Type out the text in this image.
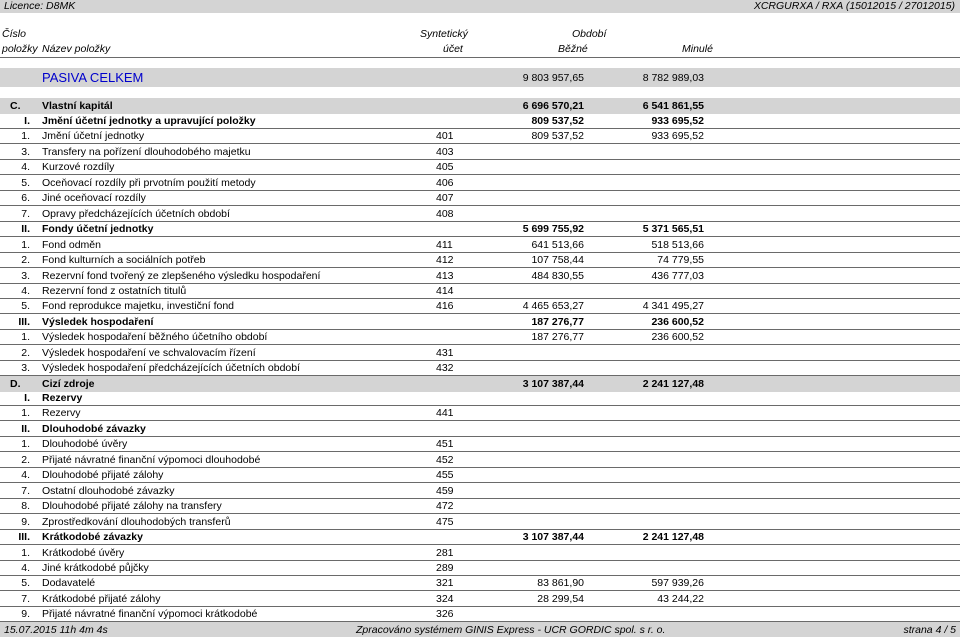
Licence: D8MK	XCRGURXA / RXA (15012015 / 27012015)
Číslo	Syntetický	Období
položky Název položky	účet	Běžné	Minulé
PASIVA CELKEM	9 803 957,65	8 782 989,03
C. Vlastní kapitál	6 696 570,21	6 541 861,55
I. Jmění účetní jednotky a upravující položky	809 537,52	933 695,52
1. Jmění účetní jednotky	401	809 537,52	933 695,52
3. Transfery na pořízení dlouhodobého majetku	403
4. Kurzové rozdíly	405
5. Oceňovací rozdíly při prvotním použití metody	406
6. Jiné oceňovací rozdíly	407
7. Opravy předcházejících účetních období	408
II. Fondy účetní jednotky	5 699 755,92	5 371 565,51
1. Fond odměn	411	641 513,66	518 513,66
2. Fond kulturních a sociálních potřeb	412	107 758,44	74 779,55
3. Rezervní fond tvořený ze zlepšeného výsledku hospodaření	413	484 830,55	436 777,03
4. Rezervní fond z ostatních titulů	414
5. Fond reprodukce majetku, investiční fond	416	4 465 653,27	4 341 495,27
III. Výsledek hospodaření	187 276,77	236 600,52
1. Výsledek hospodaření běžného účetního období	187 276,77	236 600,52
2. Výsledek hospodaření ve schvalovacím řízení	431
3. Výsledek hospodaření předcházejících účetních období	432
D. Cizí zdroje	3 107 387,44	2 241 127,48
I. Rezervy
1. Rezervy	441
II. Dlouhodobé závazky
1. Dlouhodobé úvěry	451
2. Přijaté návratné finanční výpomoci dlouhodobé	452
4. Dlouhodobé přijaté zálohy	455
7. Ostatní dlouhodobé závazky	459
8. Dlouhodobé přijaté zálohy na transfery	472
9. Zprostředkování dlouhodobých transferů	475
III. Krátkodobé závazky	3 107 387,44	2 241 127,48
1. Krátkodobé úvěry	281
4. Jiné krátkodobé půjčky	289
5. Dodavatelé	321	83 861,90	597 939,26
7. Krátkodobé přijaté zálohy	324	28 299,54	43 244,22
9. Přijaté návratné finanční výpomoci krátkodobé	326
15.07.2015 11h 4m 4s	Zpracováno systémem GINIS Express - UCR GORDIC spol. s r. o.	strana 4 / 5
